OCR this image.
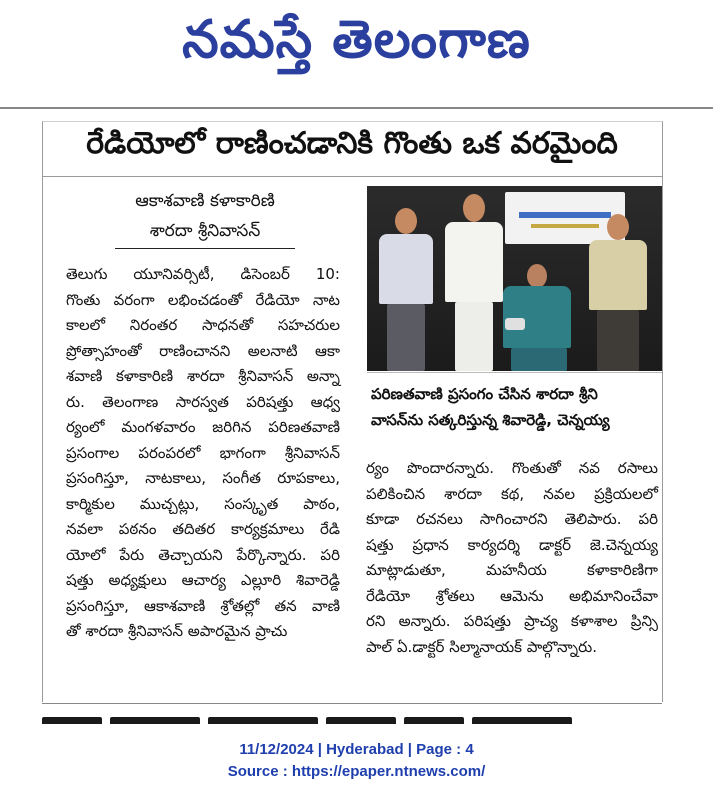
నమస్తే తెలంగాణ
రేడియోలో రాణించడానికి గొంతు ఒక వరమైంది
ఆకాశవాణి కళాకారిణి
శారదా శ్రీనివాసన్
తెలుగు యూనివర్సిటీ, డిసెంబర్ 10:
గొంతు వరంగా లభించడంతో రేడియో నాట
కాలలో నిరంతర సాధనతో సహచరుల
ప్రోత్సాహంతో రాణించానని అలనాటి ఆకా
శవాణి కళాకారిణి శారదా శ్రీనివాసన్ అన్నా
రు. తెలంగాణ సారస్వత పరిషత్తు ఆధ్వ
ర్యంలో మంగళవారం జరిగిన పరిణతవాణి
ప్రసంగాల పరంపరలో భాగంగా శ్రీనివాసన్
ప్రసంగిస్తూ, నాటకాలు, సంగీత రూపకాలు,
కార్మికుల ముచ్చట్లు, సంస్కృత పాఠం,
నవలా పఠనం తదితర కార్యక్రమాలు రేడి
యోలో పేరు తెచ్చాయని పేర్కొన్నారు. పరి
షత్తు అధ్యక్షులు ఆచార్య ఎల్లూరి శివారెడ్డి
ప్రసంగిస్తూ, ఆకాశవాణి శ్రోతల్లో తన వాణి
తో శారదా శ్రీనివాసన్ అపారమైన ప్రాచు
పరిణతవాణి ప్రసంగం చేసిన శారదా శ్రీని
వాసన్‌ను సత్కరిస్తున్న శివారెడ్డి, చెన్నయ్య
ర్యం పొందారన్నారు. గొంతుతో నవ రసాలు
పలికించిన శారదా కథ, నవల ప్రక్రియలలో
కూడా రచనలు సాగించారని తెలిపారు. పరి
షత్తు ప్రధాన కార్యదర్శి డాక్టర్ జె.చెన్నయ్య
మాట్లాడుతూ, మహనీయ కళాకారిణిగా
రేడియో శ్రోతలు ఆమెను అభిమానించేవా
రని అన్నారు. పరిషత్తు ప్రాచ్య కళాశాల ప్రిన్సి
పాల్ ఏ.డాక్టర్ సిల్మానాయక్ పాల్గొన్నారు.
11/12/2024 | Hyderabad | Page : 4
Source : https://epaper.ntnews.com/
